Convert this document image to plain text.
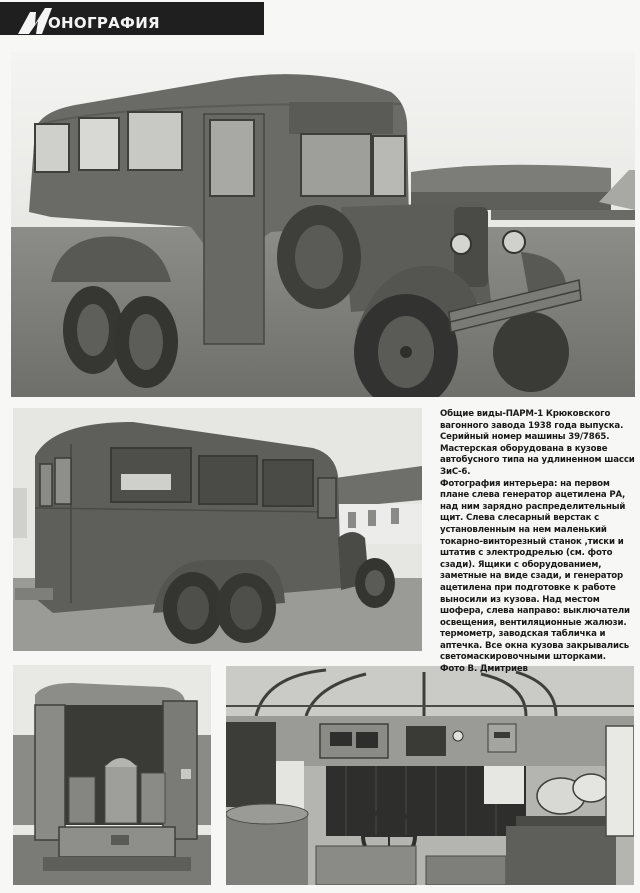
ОНОГРАФИЯ

Общие виды-ПАРМ-1 Крюковского вагонного завода 1938 года выпуска. Серийный номер машины 39/7865. Мастерская оборудована в кузове автобусного типа на удлиненном шасси ЗиС-6.

Фотография интерьера: на первом плане слева генератор ацетилена РА, над ним зарядно распределительный щит. Слева слесарный верстак с установленным на нем маленький токарно-винторезный станок ,тиски и штатив с электродрелью (см. фото сзади). Ящики с оборудованием, заметные на виде сзади, и генератор ацетилена при подготовке к работе выносили из кузова. Над местом шофера, слева направо: выключатели освещения, вентиляционные жалюзи. термометр, заводская табличка и аптечка. Все окна кузова закрывались светомаскировочными шторками.

Фото В. Дмитриев
